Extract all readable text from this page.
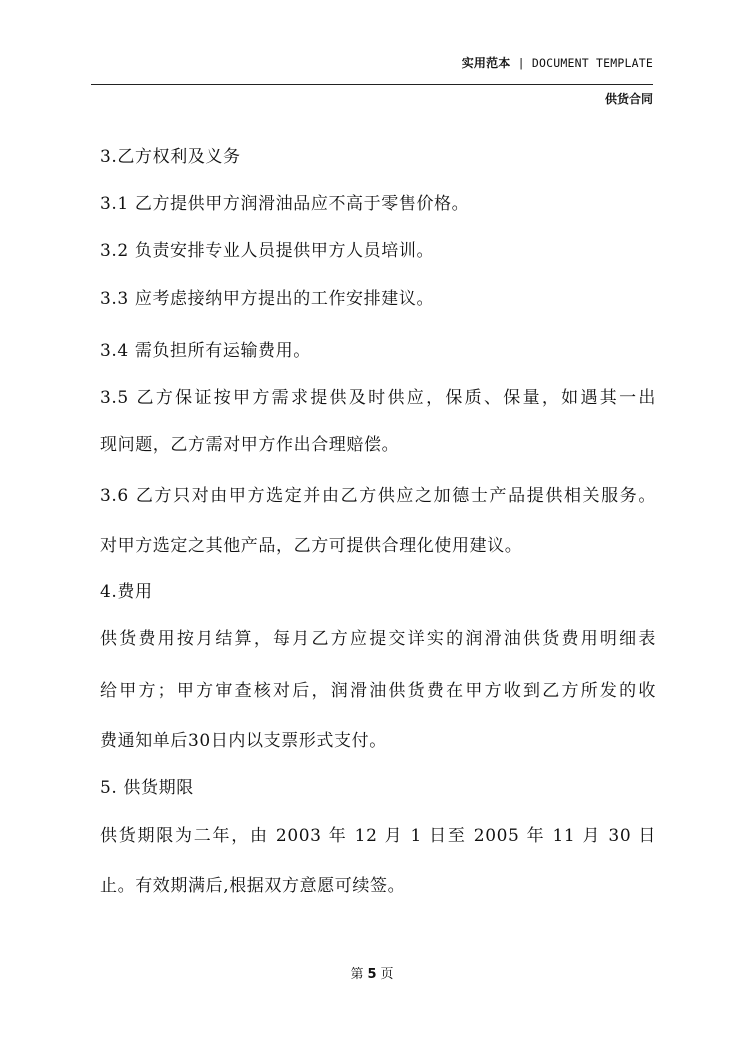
实用范本 | DOCUMENT TEMPLATE
供货合同
3.乙方权利及义务
3.1 乙方提供甲方润滑油品应不高于零售价格。
3.2 负责安排专业人员提供甲方人员培训。
3.3 应考虑接纳甲方提出的工作安排建议。
3.4 需负担所有运输费用。
3.5 乙方保证按甲方需求提供及时供应，保质、保量，如遇其一出
现问题，乙方需对甲方作出合理赔偿。
3.6 乙方只对由甲方选定并由乙方供应之加德士产品提供相关服务。
对甲方选定之其他产品，乙方可提供合理化使用建议。
4.费用
供货费用按月结算，每月乙方应提交详实的润滑油供货费用明细表
给甲方；甲方审查核对后，润滑油供货费在甲方收到乙方所发的收
费通知单后30日内以支票形式支付。
5. 供货期限
供货期限为二年，由 2003 年 12 月 1 日至 2005 年 11 月 30 日
止。有效期满后,根据双方意愿可续签。
第 5 页
